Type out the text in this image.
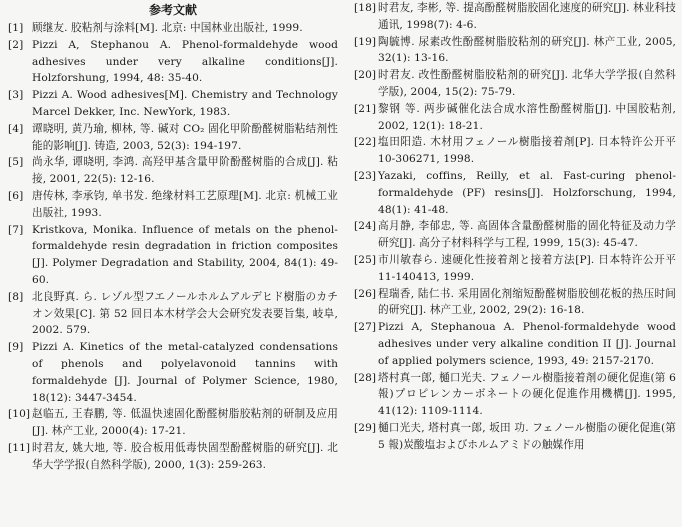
参考文献
[1] 顾继友. 胶粘剂与涂料[M]. 北京: 中国林业出版社, 1999.
[2] Pizzi A, Stephanou A. Phenol-formaldehyde wood adhesives under very alkaline conditions[J]. Holzforshung, 1994, 48: 35-40.
[3] Pizzi A. Wood adhesives[M]. Chemistry and Technology Marcel Dekker, Inc. NewYork, 1983.
[4] 谭晓明, 黄乃瑜, 柳林, 等. 碱对 CO₂ 固化甲阶酚醛树脂粘结剂性能的影响[J]. 铸造, 2003, 52(3): 194-197.
[5] 尚永华, 谭晓明, 李鸿. 高羟甲基含量甲阶酚醛树脂的合成[J]. 粘接, 2001, 22(5): 12-16.
[6] 唐传林, 李承钧, 单书发. 绝缘材料工艺原理[M]. 北京: 机械工业出版社, 1993.
[7] Kristkova, Monika. Influence of metals on the phenol-formaldehyde resin degradation in friction composites [J]. Polymer Degradation and Stability, 2004, 84(1): 49-60.
[8] 北良野真. ら. レゾル型フエノールホルムアルデヒド樹脂のカチオン效果[C]. 第 52 回日本木材学会大会研究发表要旨集, 岐阜, 2002. 579.
[9] Pizzi A. Kinetics of the metal-catalyzed condensations of phenols and polyelavonoid tannins with formaldehyde [J]. Journal of Polymer Science, 1980, 18(12): 3447-3454.
[10] 赵临五, 王春鹏, 等. 低温快速固化酚醛树脂胶粘剂的研制及应用[J]. 林产工业, 2000(4): 17-21.
[11] 时君友, 姚大地, 等. 胶合板用低毒快固型酚醛树脂的研究[J]. 北华大学学报(自然科学版), 2000, 1(3): 259-263.
[18] 时君友, 李彬, 等. 提高酚醛树脂胶固化速度的研究[J]. 林业科技通讯, 1998(7): 4-6.
[19] 陶毓博. 尿素改性酚醛树脂胶粘剂的研究[J]. 林产工业, 2005, 32(1): 13-16.
[20] 时君友. 改性酚醛树脂胶粘剂的研究[J]. 北华大学学报(自然科学版), 2004, 15(2): 75-79.
[21] 黎钢 等. 两步碱催化法合成水溶性酚醛树脂[J]. 中国胶粘剂, 2002, 12(1): 18-21.
[22] 塩田阳造. 木材用フェノール樹脂接着剤[P]. 日本特许公开平 10-306271, 1998.
[23] Yazaki, coffins, Reilly, et al. Fast-curing phenol-formaldehyde (PF) resins[J]. Holzforschung, 1994, 48(1): 41-48.
[24] 高月静, 李郁忠, 等. 高固体含量酚醛树脂的固化特征及动力学研究[J]. 高分子材料科学与工程, 1999, 15(3): 45-47.
[25] 市川敏春ら. 速硬化性接着剤と接着方法[P]. 日本特许公开平 11-140413, 1999.
[26] 程瑞香, 陆仁书. 采用固化剂缩短酚醛树脂胶刨花板的热压时间的研究[J]. 林产工业, 2002, 29(2): 16-18.
[27] Pizzi A, Stephanoua A. Phenol-formaldehyde wood adhesives under very alkaline condition II [J]. Journal of applied polymers science, 1993, 49: 2157-2170.
[28] 塔村真一郎, 樋口光夫. フェノール樹脂接着剤の硬化促進(第 6 報)プロピレンカーボネートの硬化促進作用機構[J]. 1995, 41(12): 1109-1114.
[29] 樋口光夫, 塔村真一郎, 坂田 功. フェノール樹脂の硬化促進(第 5 報)炭酸塩およびホルムアミドの触媒作用
